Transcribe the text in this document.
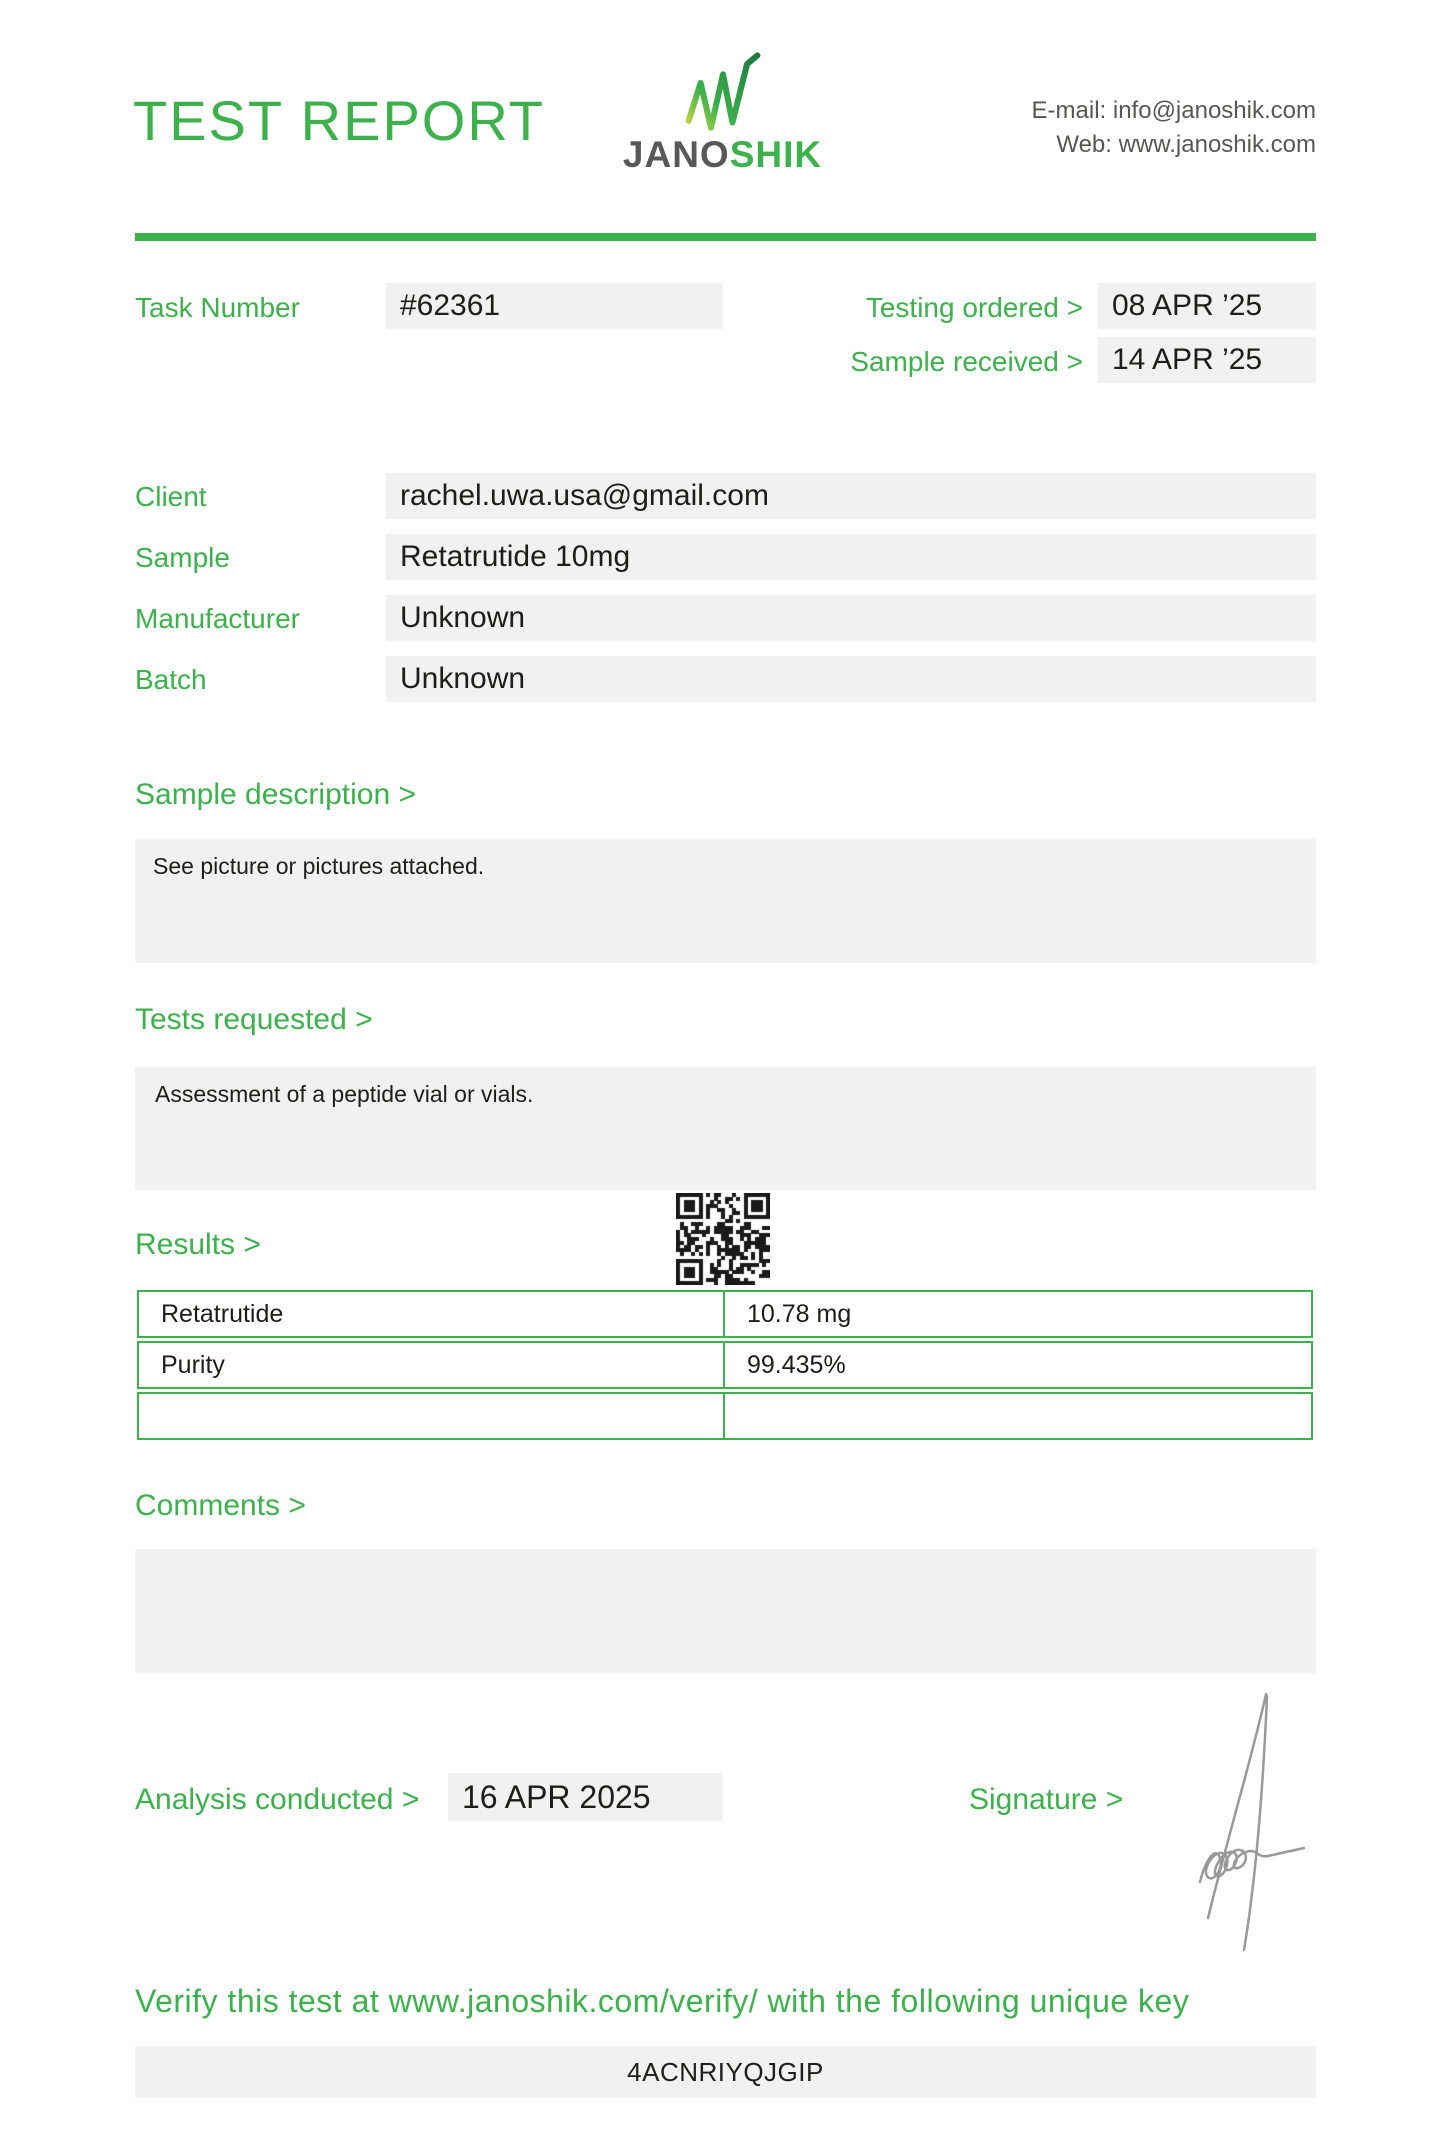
TEST REPORT
JANOSHIK
E-mail: info@janoshik.com
Web: www.janoshik.com
Task Number	#62361	Testing ordered > 08 APR ’25
Sample received > 14 APR ’25
Client	rachel.uwa.usa@gmail.com
Sample	Retatrutide 10mg
Manufacturer	Unknown
Batch	Unknown
Sample description >
See picture or pictures attached.
Tests requested >
Assessment of a peptide vial or vials.
Results >
Retatrutide	10.78 mg
Purity	99.435%
Comments >
Analysis conducted >	16 APR 2025	Signature >
Verify this test at www.janoshik.com/verify/ with the following unique key
4ACNRIYQJGIP
